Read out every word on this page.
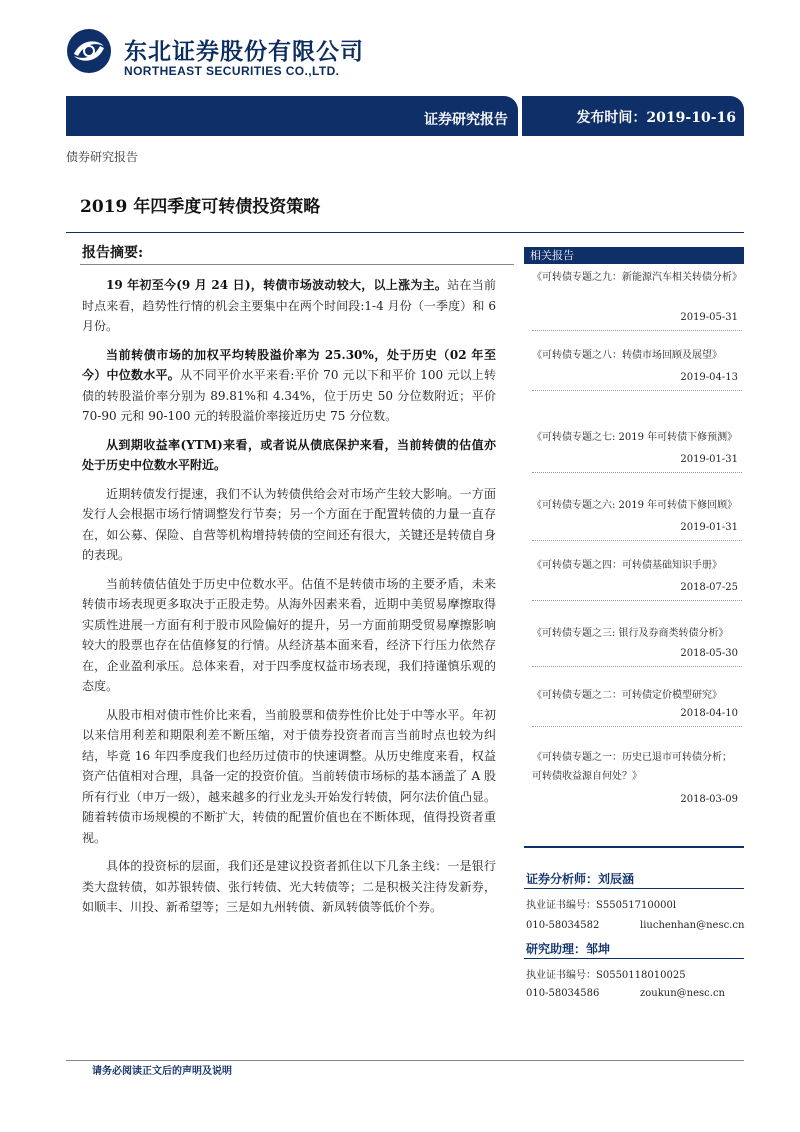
东北证券股份有限公司
NORTHEAST SECURITIES CO.,LTD.
证券研究报告	发布时间：2019-10-16
债券研究报告
2019 年四季度可转债投资策略
报告摘要:

19 年初至今(9 月 24 日)，转债市场波动较大，以上涨为主。站在当前时点来看，趋势性行情的机会主要集中在两个时间段:1-4 月份（一季度）和 6 月份。

当前转债市场的加权平均转股溢价率为 25.30%，处于历史（02 年至今）中位数水平。从不同平价水平来看:平价 70 元以下和平价 100 元以上转债的转股溢价率分别为 89.81%和 4.34%，位于历史 50 分位数附近；平价 70-90 元和 90-100 元的转股溢价率接近历史 75 分位数。

从到期收益率(YTM)来看，或者说从债底保护来看，当前转债的估值亦处于历史中位数水平附近。

近期转债发行提速，我们不认为转债供给会对市场产生较大影响。一方面发行人会根据市场行情调整发行节奏；另一个方面在于配置转债的力量一直存在，如公募、保险、自营等机构增持转债的空间还有很大，关键还是转债自身的表现。

当前转债估值处于历史中位数水平。估值不是转债市场的主要矛盾，未来转债市场表现更多取决于正股走势。从海外因素来看，近期中美贸易摩擦取得实质性进展一方面有利于股市风险偏好的提升，另一方面前期受贸易摩擦影响较大的股票也存在估值修复的行情。从经济基本面来看，经济下行压力依然存在，企业盈利承压。总体来看，对于四季度权益市场表现，我们持谨慎乐观的态度。

从股市相对债市性价比来看，当前股票和债券性价比处于中等水平。年初以来信用利差和期限利差不断压缩，对于债券投资者而言当前时点也较为纠结，毕竟 16 年四季度我们也经历过债市的快速调整。从历史维度来看，权益资产估值相对合理，具备一定的投资价值。当前转债市场标的基本涵盖了 A 股所有行业（申万一级），越来越多的行业龙头开始发行转债，阿尔法价值凸显。随着转债市场规模的不断扩大，转债的配置价值也在不断体现，值得投资者重视。

具体的投资标的层面，我们还是建议投资者抓住以下几条主线：一是银行类大盘转债，如苏银转债、张行转债、光大转债等；二是积极关注待发新券，如顺丰、川投、新希望等；三是如九州转债、新凤转债等低价个券。

相关报告
《可转债专题之九：新能源汽车相关转债分析》
2019-05-31
《可转债专题之八：转债市场回顾及展望》
2019-04-13
《可转债专题之七: 2019 年可转债下修预测》
2019-01-31
《可转债专题之六: 2019 年可转债下修回顾》
2019-01-31
《可转债专题之四：可转债基础知识手册》
2018-07-25
《可转债专题之三: 银行及券商类转债分析》
2018-05-30
《可转债专题之二：可转债定价模型研究》
2018-04-10
《可转债专题之一：历史已退市可转债分析；可转债收益源自何处？》
2018-03-09
证券分析师：刘辰涵
执业证书编号：S55051710000l
010-58034582	liuchenhan@nesc.cn
研究助理：邹坤
执业证书编号：S0550118010025
010-58034586	zoukun@nesc.cn
请务必阅读正文后的声明及说明
